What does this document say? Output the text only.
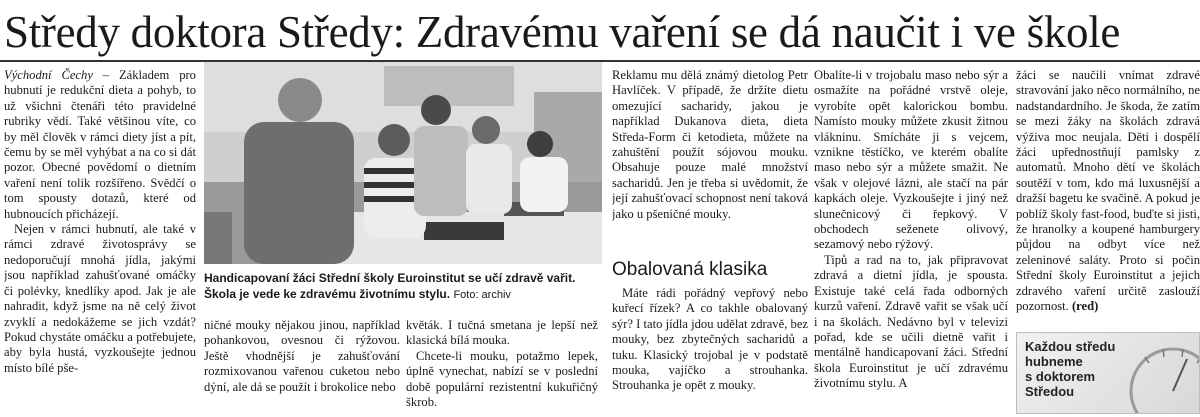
Středy doktora Středy: Zdravému vaření se dá naučit i ve škole

Východní Čechy – Základem pro hubnutí je redukční dieta a pohyb, to už všichni čtenáři této pravidelné rubriky vědí. Také většinou víte, co by měl člověk v rámci diety jíst a pít, čemu by se měl vyhýbat a na co si dát pozor. Obecné povědomí o dietním vaření není tolik rozšířeno. Svědčí o tom spousty dotazů, které od hubnoucích přicházejí.

Nejen v rámci hubnutí, ale také v rámci zdravé životosprávy se nedoporučují mnohá jídla, jakými jsou například zahušťované omáčky či polévky, knedlíky apod. Jak je ale nahradit, když jsme na ně celý život zvyklí a nedokážeme se jich vzdát? Pokud chystáte omáčku a potřebujete, aby byla hustá, vyzkoušejte jednou místo bílé pše-

Handicapovaní žáci Střední školy Euroinstitut se učí zdravě vařit. Škola je vede ke zdravému životnímu stylu. Foto: archiv

ničné mouky nějakou jinou, například pohankovou, ovesnou či rýžovou. Ještě vhodnější je zahušťování rozmixovanou vařenou cuketou nebo dýní, ale dá se použít i brokolice nebo

květák. I tučná smetana je lepší než klasická bílá mouka.

Chcete-li mouku, potažmo lepek, úplně vynechat, nabízí se v poslední době populární rezistentní kukuřičný škrob.

Reklamu mu dělá známý dietolog Petr Havlíček. V případě, že držíte dietu omezující sacharidy, jakou je například Dukanova dieta, dieta Středa-Form či ketodieta, můžete na zahuštění použít sójovou mouku. Obsahuje pouze malé množství sacharidů. Jen je třeba si uvědomit, že její zahušťovací schopnost není taková jako u pšeničné mouky.

Obalovaná klasika

Máte rádi pořádný vepřový nebo kuřecí řízek? A co takhle obalovaný sýr? I tato jídla jdou udělat zdravě, bez mouky, bez zbytečných sacharidů a tuku. Klasický trojobal je v podstatě mouka, vajíčko a strouhanka. Strouhanka je opět z mouky.

Obalíte-li v trojobalu maso nebo sýr a osmažíte na pořádné vrstvě oleje, vyrobíte opět kalorickou bombu. Namísto mouky můžete zkusit žitnou vlákninu. Smícháte ji s vejcem, vznikne těstíčko, ve kterém obalíte maso nebo sýr a můžete smažit. Ne však v olejové lázni, ale stačí na pár kapkách oleje. Vyzkoušejte i jiný než slunečnicový či řepkový. V obchodech seženete olivový, sezamový nebo rýžový.

Tipů a rad na to, jak připravovat zdravá a dietní jídla, je spousta. Existuje také celá řada odborných kurzů vaření. Zdravě vařit se však učí i na školách. Nedávno byl v televizi pořad, kde se učili dietně vařit i mentálně handicapovaní žáci. Střední škola Euroinstitut je učí zdravému životnímu stylu. A

žáci se naučili vnímat zdravé stravování jako něco normálního, ne nadstandardního. Je škoda, že zatím se mezi žáky na školách zdravá výživa moc neujala. Děti i dospělí žáci upřednostňují pamlsky z automatů. Mnoho dětí ve školách soutěží v tom, kdo má luxusnější a dražší bagetu ke svačině. A pokud je poblíž školy fast-food, buďte si jisti, že hranolky a koupené hamburgery půjdou na odbyt více než zeleninové saláty. Proto si počin Střední školy Euroinstitut a jejich zdravého vaření určitě zaslouží pozornost. (red)

Každou středu
hubneme
s doktorem
Středou
